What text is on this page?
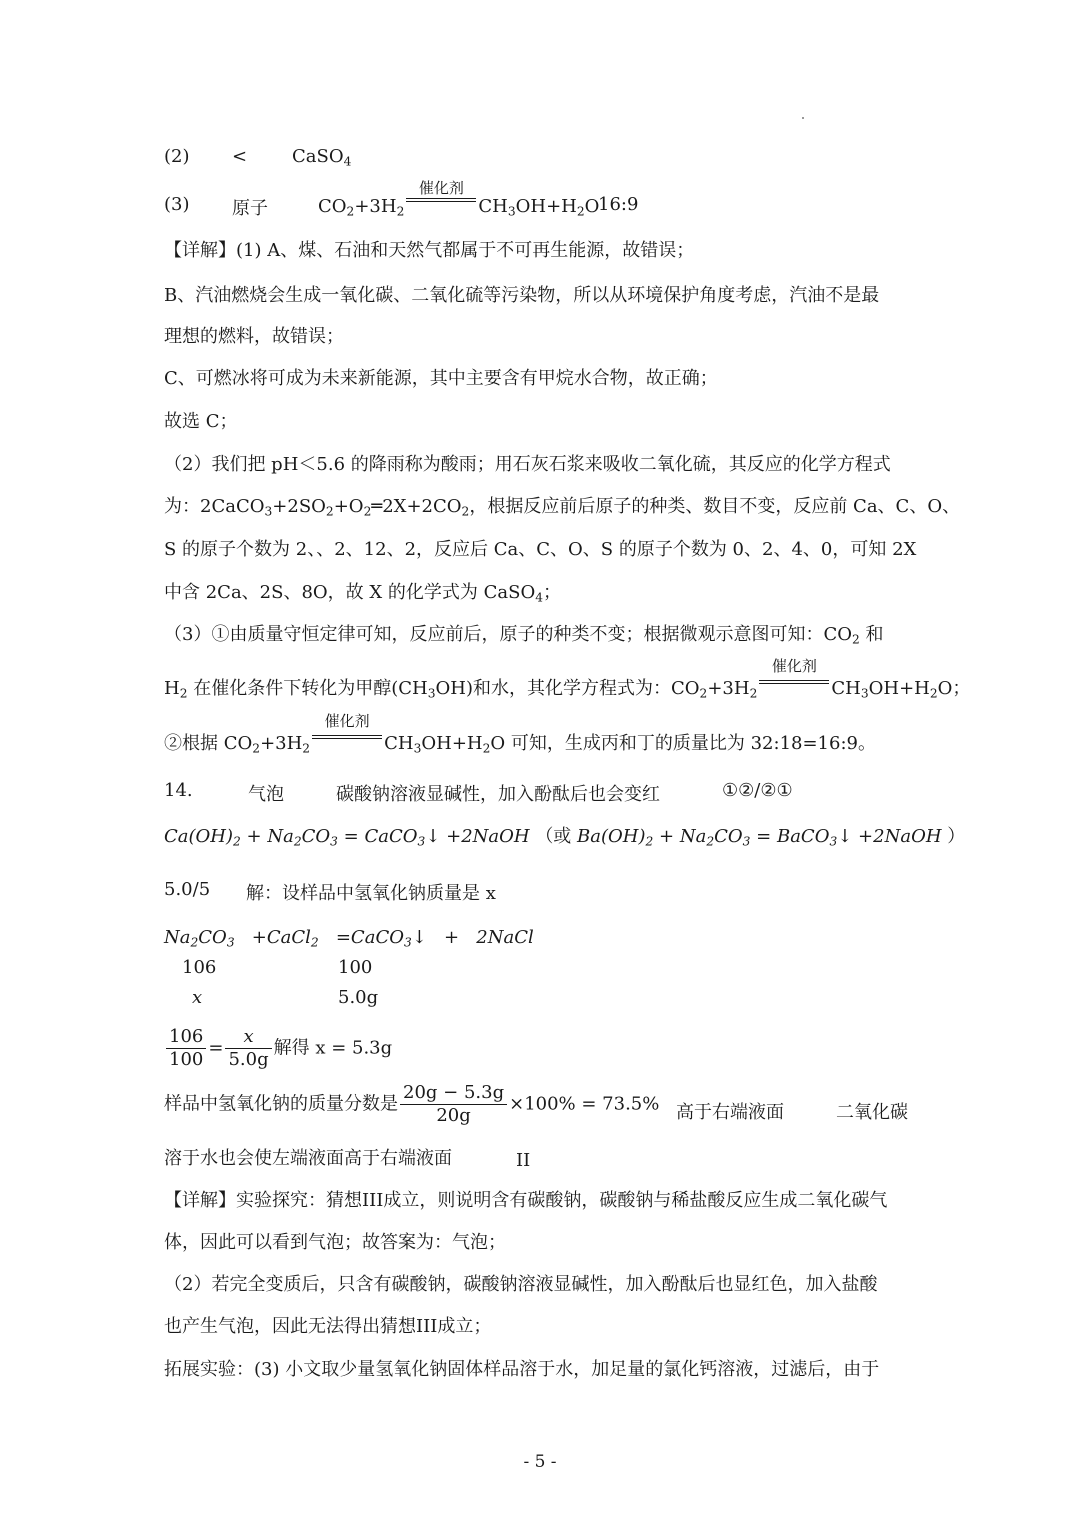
(2) < CaSO$_4$
(3) 原子	$CO_2+3H_2$
催化剂
$CH_3OH+H_2O$
16:9
【详解】(1) A、煤、石油和天然气都属于不可再生能源，故错误；
B、汽油燃烧会生成一氧化碳、二氧化硫等污染物，所以从环境保护角度考虑，汽油不是最
理想的燃料，故错误；
C、可燃冰将可成为未来新能源，其中主要含有甲烷水合物，故正确；
故选 C；
（2）我们把 pH＜5.6 的降雨称为酸雨；用石灰石浆来吸收二氧化硫，其反应的化学方程式
为：$2CaCO_3+2SO_2+O_2═2X+2CO_2$，根据反应前后原子的种类、数目不变，反应前 Ca、C、O、
S 的原子个数为 2、、2、12、2，反应后 Ca、C、O、S 的原子个数为 0、2、4、0，可知 2X
中含 2Ca、2S、8O，故 X 的化学式为 CaSO$_4$；
（3）①由质量守恒定律可知，反应前后，原子的种类不变；根据微观示意图可知：$CO_2$ 和
$H_2$ 在催化条件下转化为甲醇$(CH_3OH)$和水，其化学方程式为：$CO_2+3H_2$
催化剂
$CH_3OH+H_2O$；
②根据 $CO_2+3H_2$
催化剂
$CH_3OH+H_2O$ 可知，生成丙和丁的质量比为 32:18=16:9。
14.	气泡	碳酸钠溶液显碱性，加入酚酞后也会变红	①②/②①
$Ca(OH)_2 + Na_2CO_3$ = CaCO$_3$↓ +2NaOH （或 $Ba(OH)_2 + Na_2CO_3$ = BaCO$_3$↓ +2NaOH ）
5.0/5 解：设样品中氢氧化钠质量是 x
$Na_2CO_3$   +CaCl$_2$   =CaCO$_3$↓   +   2NaCl
106	100
x	5.0g
$\frac{106}{100} = \frac{x}{5.0g}$ 解得 x = 5.3g
样品中氢氧化钠的质量分数是 $\frac{20g - 5.3g}{20g} \times 100\% = 73.5\%$ 高于右端液面	二氧化碳
溶于水也会使左端液面高于右端液面	II
【详解】实验探究：猜想III成立，则说明含有碳酸钠，碳酸钠与稀盐酸反应生成二氧化碳气
体，因此可以看到气泡；故答案为：气泡；
（2）若完全变质后，只含有碳酸钠，碳酸钠溶液显碱性，加入酚酞后也显红色，加入盐酸
也产生气泡，因此无法得出猜想III成立；
拓展实验：(3) 小文取少量氢氧化钠固体样品溶于水，加足量的氯化钙溶液，过滤后，由于
- 5 -
